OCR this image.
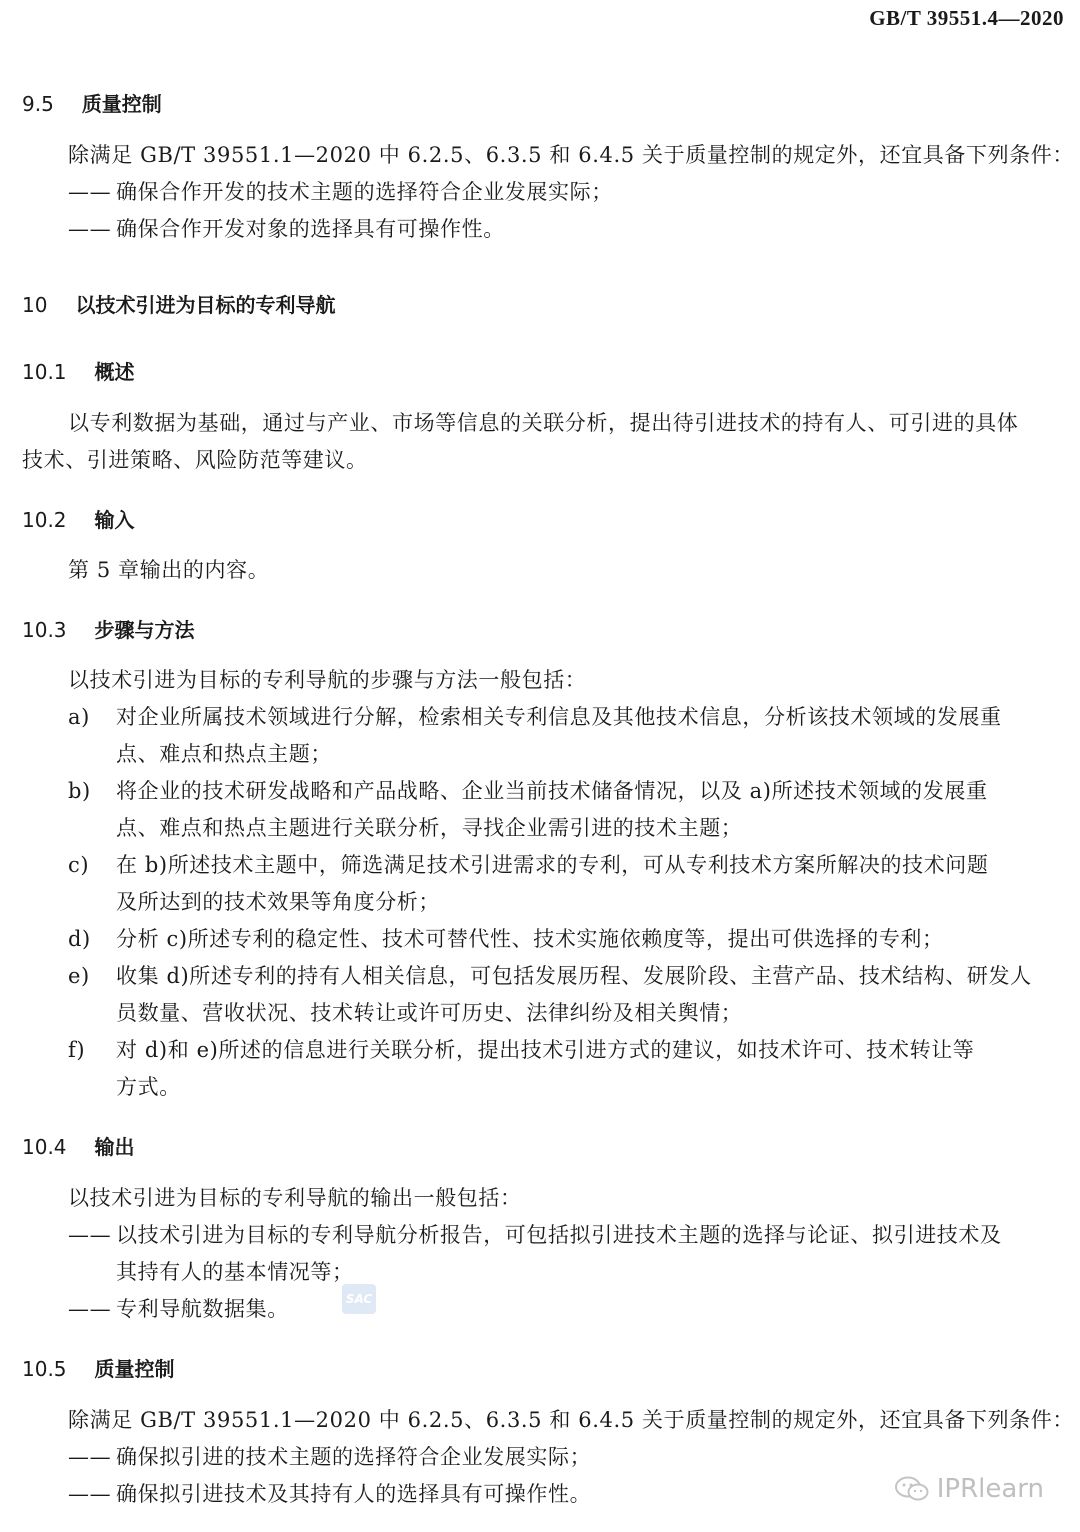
GB/T 39551.4—2020
9.5 质量控制
除满足 GB/T 39551.1—2020 中 6.2.5、6.3.5 和 6.4.5 关于质量控制的规定外，还宜具备下列条件：
—— 确保合作开发的技术主题的选择符合企业发展实际；
—— 确保合作开发对象的选择具有可操作性。
10 以技术引进为目标的专利导航
10.1 概述
以专利数据为基础，通过与产业、市场等信息的关联分析，提出待引进技术的持有人、可引进的具体
技术、引进策略、风险防范等建议。
10.2 输入
第 5 章输出的内容。
10.3 步骤与方法
以技术引进为目标的专利导航的步骤与方法一般包括：
a) 对企业所属技术领域进行分解，检索相关专利信息及其他技术信息，分析该技术领域的发展重
点、难点和热点主题；
b) 将企业的技术研发战略和产品战略、企业当前技术储备情况，以及 a)所述技术领域的发展重
点、难点和热点主题进行关联分析，寻找企业需引进的技术主题；
c) 在 b)所述技术主题中，筛选满足技术引进需求的专利，可从专利技术方案所解决的技术问题
及所达到的技术效果等角度分析；
d) 分析 c)所述专利的稳定性、技术可替代性、技术实施依赖度等，提出可供选择的专利；
e) 收集 d)所述专利的持有人相关信息，可包括发展历程、发展阶段、主营产品、技术结构、研发人
员数量、营收状况、技术转让或许可历史、法律纠纷及相关舆情；
f) 对 d)和 e)所述的信息进行关联分析，提出技术引进方式的建议，如技术许可、技术转让等
方式。
10.4 输出
以技术引进为目标的专利导航的输出一般包括：
—— 以技术引进为目标的专利导航分析报告，可包括拟引进技术主题的选择与论证、拟引进技术及
其持有人的基本情况等；
—— 专利导航数据集。	SAC
10.5 质量控制
除满足 GB/T 39551.1—2020 中 6.2.5、6.3.5 和 6.4.5 关于质量控制的规定外，还宜具备下列条件：
—— 确保拟引进的技术主题的选择符合企业发展实际；
—— 确保拟引进技术及其持有人的选择具有可操作性。	IPRlearn
